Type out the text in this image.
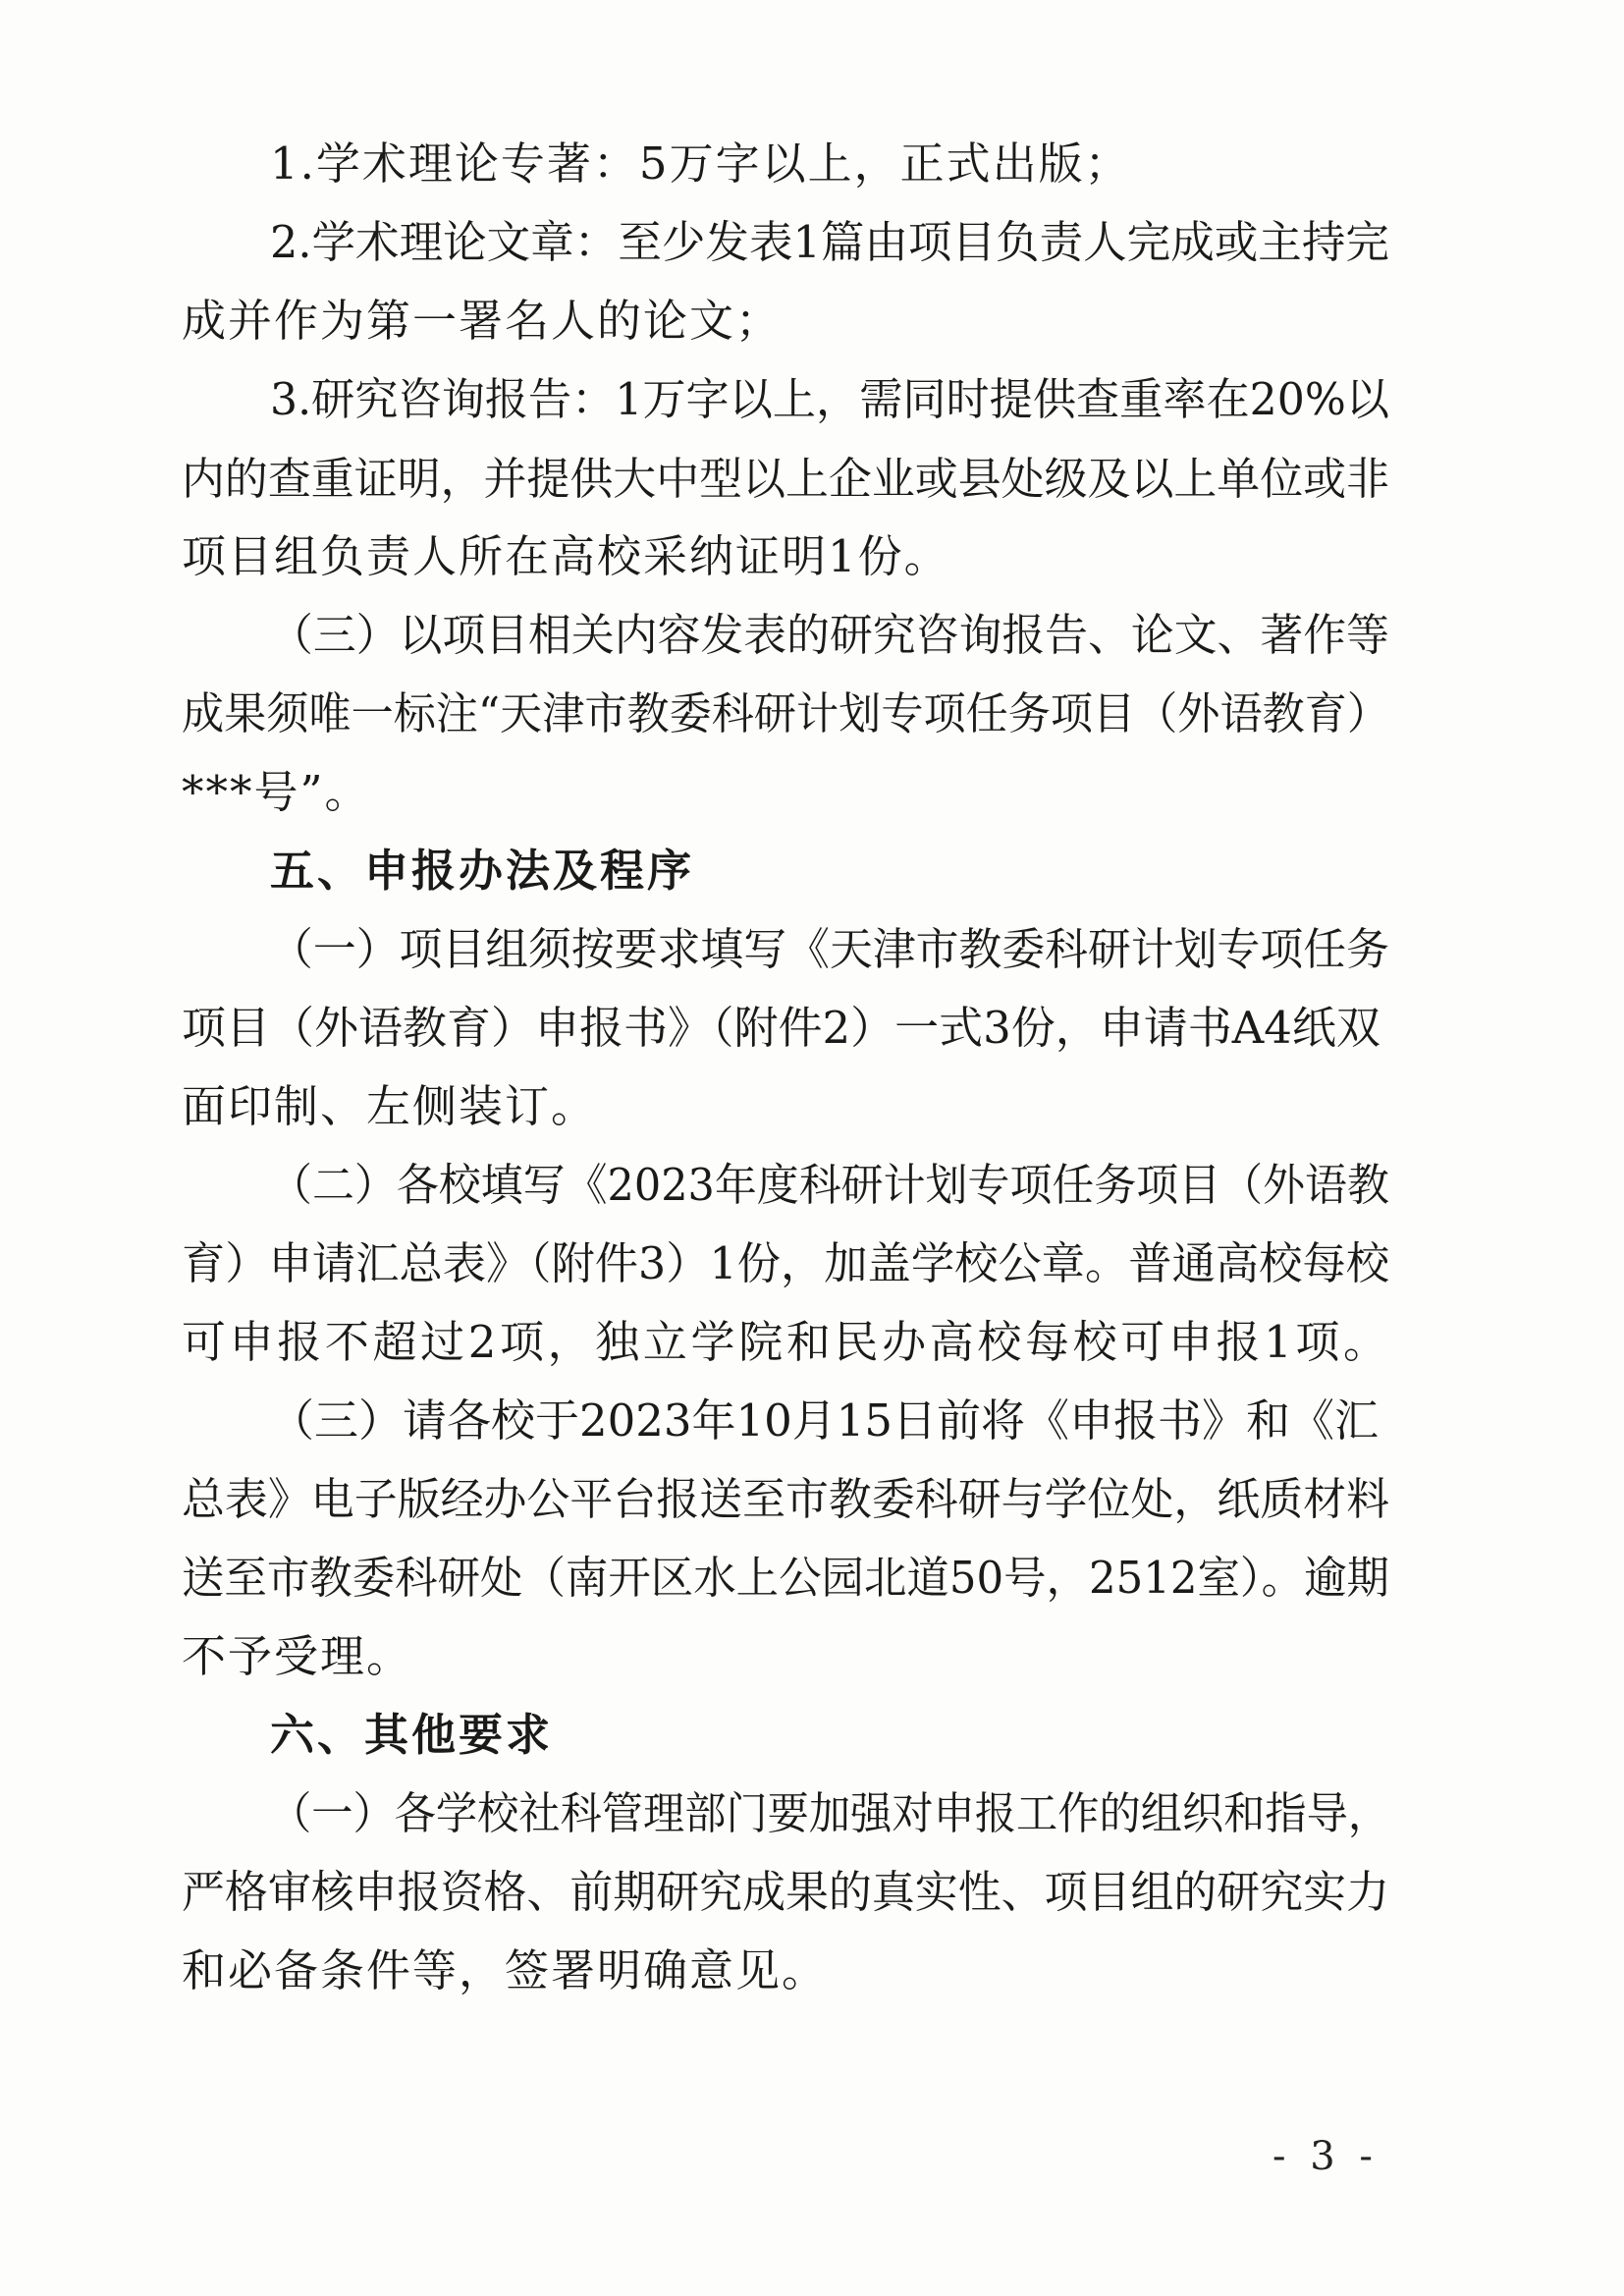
1.学术理论专著：5万字以上，正式出版；
2.学术理论文章：至少发表1篇由项目负责人完成或主持完
成并作为第一署名人的论文；
3.研究咨询报告：1万字以上，需同时提供查重率在20%以
内的查重证明，并提供大中型以上企业或县处级及以上单位或非
项目组负责人所在高校采纳证明1份。
（三）以项目相关内容发表的研究咨询报告、论文、著作等
成果须唯一标注“天津市教委科研计划专项任务项目（外语教育）
***号”。
五、申报办法及程序
（一）项目组须按要求填写《天津市教委科研计划专项任务
项目（外语教育）申报书》（附件2）一式3份，申请书A4纸双
面印制、左侧装订。
（二）各校填写《2023年度科研计划专项任务项目（外语教
育）申请汇总表》（附件3）1份，加盖学校公章。普通高校每校
可申报不超过2项，独立学院和民办高校每校可申报1项。
（三）请各校于2023年10月15日前将《申报书》和《汇
总表》电子版经办公平台报送至市教委科研与学位处，纸质材料
送至市教委科研处（南开区水上公园北道50号，2512室）。逾期
不予受理。
六、其他要求
（一）各学校社科管理部门要加强对申报工作的组织和指导，
严格审核申报资格、前期研究成果的真实性、项目组的研究实力
和必备条件等，签署明确意见。
- 3 -
